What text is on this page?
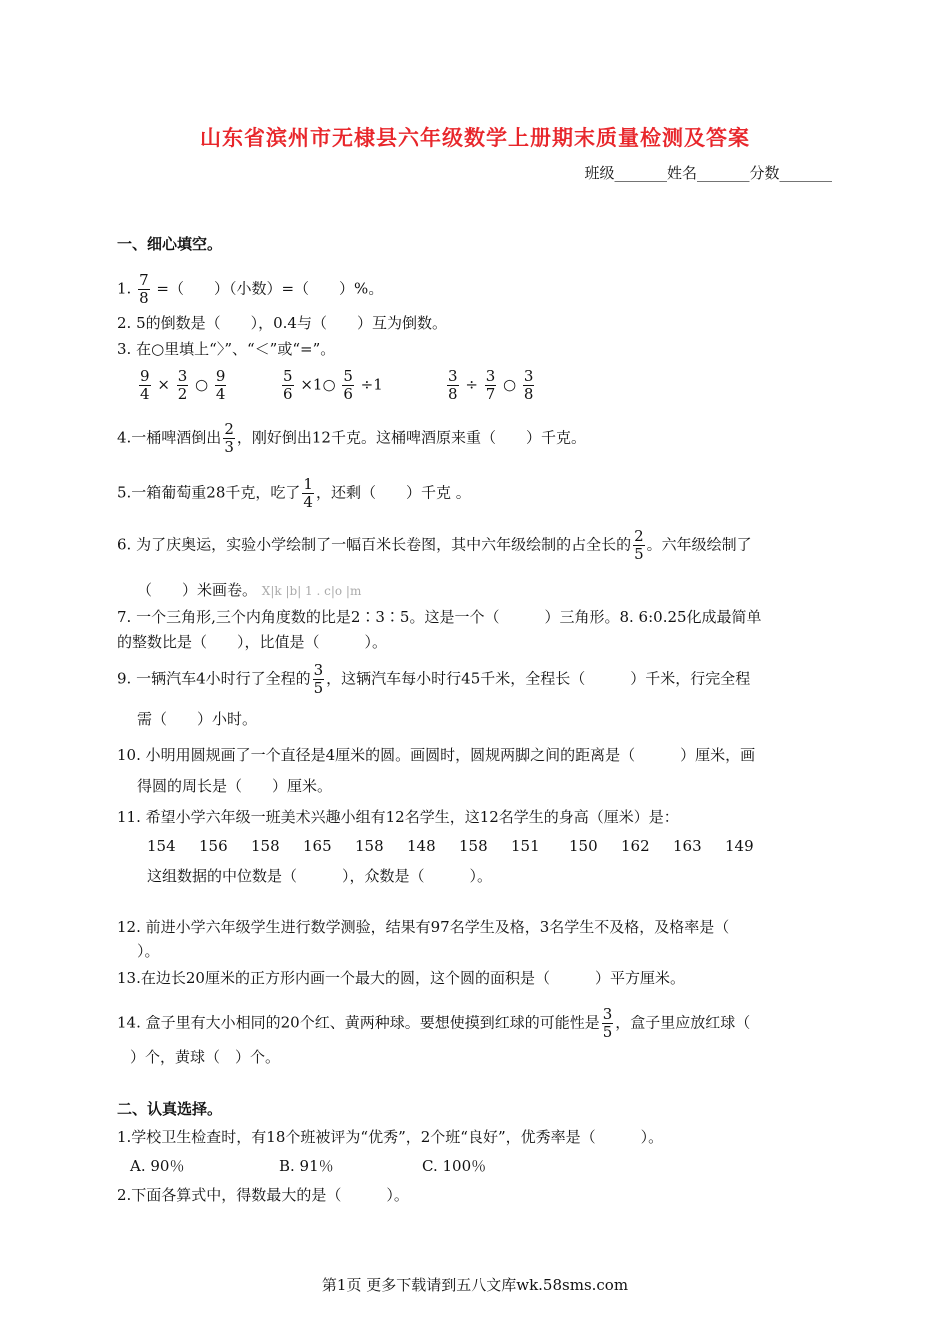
山东省滨州市无棣县六年级数学上册期末质量检测及答案
班级_______姓名_______分数_______
一、细心填空。
1. $\frac{7}{8}$ =（　　）（小数）=（　　）%。
2. 5的倒数是（　　），0.4与（　　）互为倒数。
3. 在○里填上“〉”、“＜”或“=”。
$\frac{9}{4} \times \frac{3}{2}$ ○ $\frac{9}{4}$	$\frac{5}{6}$ ×1○ $\frac{5}{6} \div 1$	$\frac{3}{8} \div \frac{3}{7}$ ○ $\frac{3}{8}$
4.一桶啤酒倒出 $\frac{2}{3}$ ，刚好倒出12千克。这桶啤酒原来重（　　）千克。
5.一箱葡萄重28千克，吃了 $\frac{1}{4}$ ，还剩（　　）千克 。
6. 为了庆奥运，实验小学绘制了一幅百米长卷图，其中六年级绘制的占全长的 $\frac{2}{5}$ 。六年级绘制了
（　　）米画卷。 X|k |b| 1 . c|o |m
7. 一个三角形,三个内角度数的比是2∶3∶5。这是一个（　　　）三角形。8. 6:0.25化成最简单
的整数比是（　　），比值是（　　　）。
9. 一辆汽车4小时行了全程的 $\frac{3}{5}$ ，这辆汽车每小时行45千米，全程长（　　　）千米，行完全程
需（　　）小时。
10. 小明用圆规画了一个直径是4厘米的圆。画圆时，圆规两脚之间的距离是（　　　）厘米，画
得圆的周长是（　　）厘米。
11. 希望小学六年级一班美术兴趣小组有12名学生，这12名学生的身高（厘米）是：
154 156 158 165 158 148 158 151 150 162 163 149
这组数据的中位数是（　　　），众数是（　　　）。
12. 前进小学六年级学生进行数学测验，结果有97名学生及格，3名学生不及格，及格率是（
）。
13.在边长20厘米的正方形内画一个最大的圆，这个圆的面积是（　　　）平方厘米。
14. 盒子里有大小相同的20个红、黄两种球。要想使摸到红球的可能性是 $\frac{3}{5}$ ，盒子里应放红球（
）个，黄球（　）个。
二、认真选择。
1.学校卫生检查时，有18个班被评为“优秀”，2个班“良好”，优秀率是（　　　）。
A. 90％	B. 91％	C. 100％
2.下面各算式中，得数最大的是（　　　）。
第1页 更多下载请到五八文库wk.58sms.com
